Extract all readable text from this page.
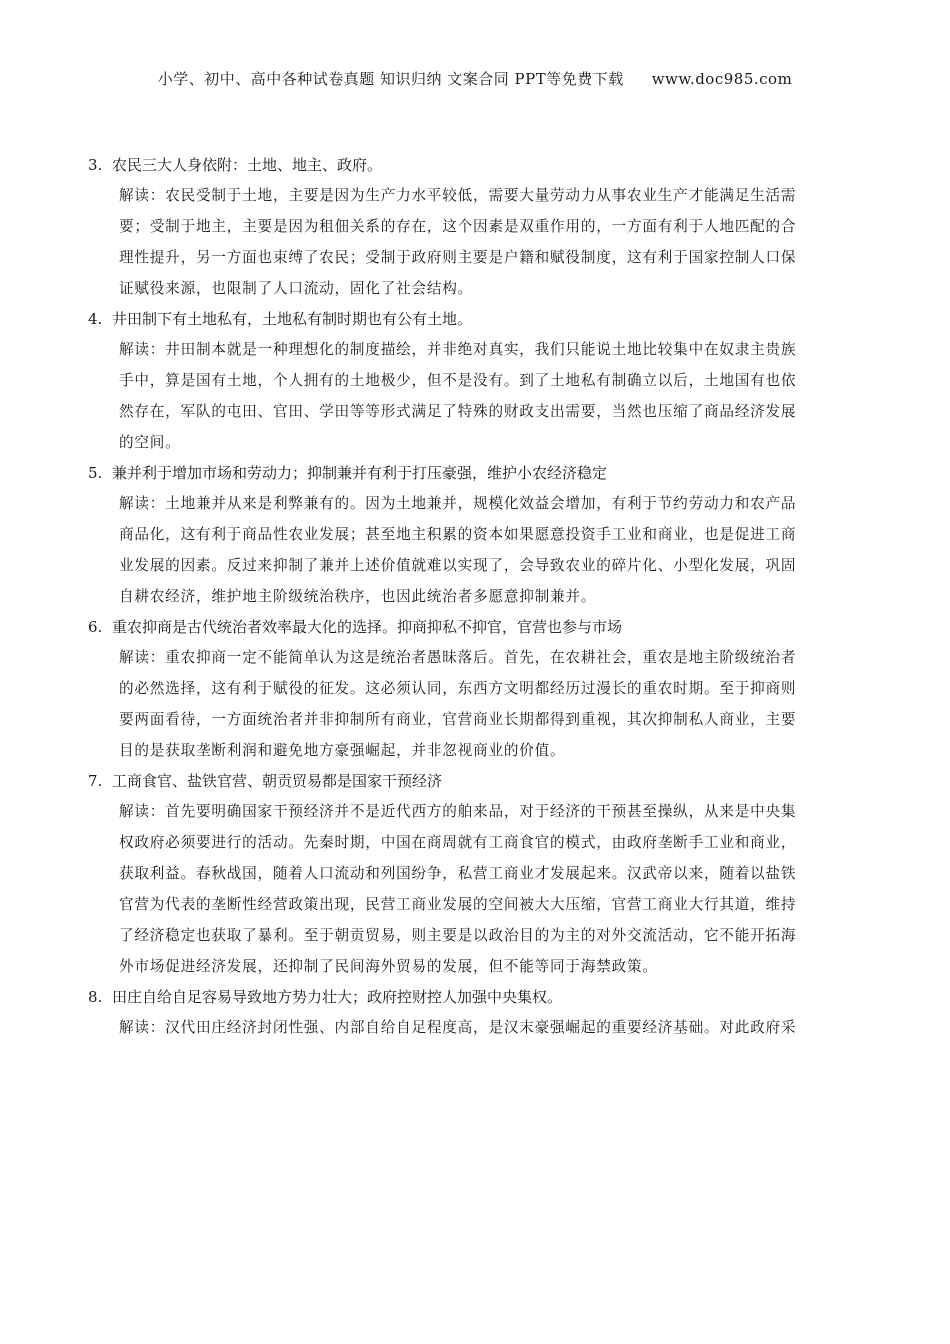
小学、初中、高中各种试卷真题 知识归纳 文案合同 PPT等免费下载 www.doc985.com
3. 农民三大人身依附：土地、地主、政府。
解读：农民受制于土地，主要是因为生产力水平较低，需要大量劳动力从事农业生产才能满足生活需
要；受制于地主，主要是因为租佃关系的存在，这个因素是双重作用的，一方面有利于人地匹配的合
理性提升，另一方面也束缚了农民；受制于政府则主要是户籍和赋役制度，这有利于国家控制人口保
证赋役来源，也限制了人口流动，固化了社会结构。
4. 井田制下有土地私有，土地私有制时期也有公有土地。
解读：井田制本就是一种理想化的制度描绘，并非绝对真实，我们只能说土地比较集中在奴隶主贵族
手中，算是国有土地，个人拥有的土地极少，但不是没有。到了土地私有制确立以后，土地国有也依
然存在，军队的屯田、官田、学田等等形式满足了特殊的财政支出需要，当然也压缩了商品经济发展
的空间。
5. 兼并利于增加市场和劳动力；抑制兼并有利于打压豪强，维护小农经济稳定
解读：土地兼并从来是利弊兼有的。因为土地兼并，规模化效益会增加，有利于节约劳动力和农产品
商品化，这有利于商品性农业发展；甚至地主积累的资本如果愿意投资手工业和商业，也是促进工商
业发展的因素。反过来抑制了兼并上述价值就难以实现了，会导致农业的碎片化、小型化发展，巩固
自耕农经济，维护地主阶级统治秩序，也因此统治者多愿意抑制兼并。
6. 重农抑商是古代统治者效率最大化的选择。抑商抑私不抑官，官营也参与市场
解读：重农抑商一定不能简单认为这是统治者愚昧落后。首先，在农耕社会，重农是地主阶级统治者
的必然选择，这有利于赋役的征发。这必须认同，东西方文明都经历过漫长的重农时期。至于抑商则
要两面看待，一方面统治者并非抑制所有商业，官营商业长期都得到重视，其次抑制私人商业，主要
目的是获取垄断利润和避免地方豪强崛起，并非忽视商业的价值。
7. 工商食官、盐铁官营、朝贡贸易都是国家干预经济
解读：首先要明确国家干预经济并不是近代西方的舶来品，对于经济的干预甚至操纵，从来是中央集
权政府必须要进行的活动。先秦时期，中国在商周就有工商食官的模式，由政府垄断手工业和商业，
获取利益。春秋战国，随着人口流动和列国纷争，私营工商业才发展起来。汉武帝以来，随着以盐铁
官营为代表的垄断性经营政策出现，民营工商业发展的空间被大大压缩，官营工商业大行其道，维持
了经济稳定也获取了暴利。至于朝贡贸易，则主要是以政治目的为主的对外交流活动，它不能开拓海
外市场促进经济发展，还抑制了民间海外贸易的发展，但不能等同于海禁政策。
8. 田庄自给自足容易导致地方势力壮大；政府控财控人加强中央集权。
解读：汉代田庄经济封闭性强、内部自给自足程度高，是汉末豪强崛起的重要经济基础。对此政府采
